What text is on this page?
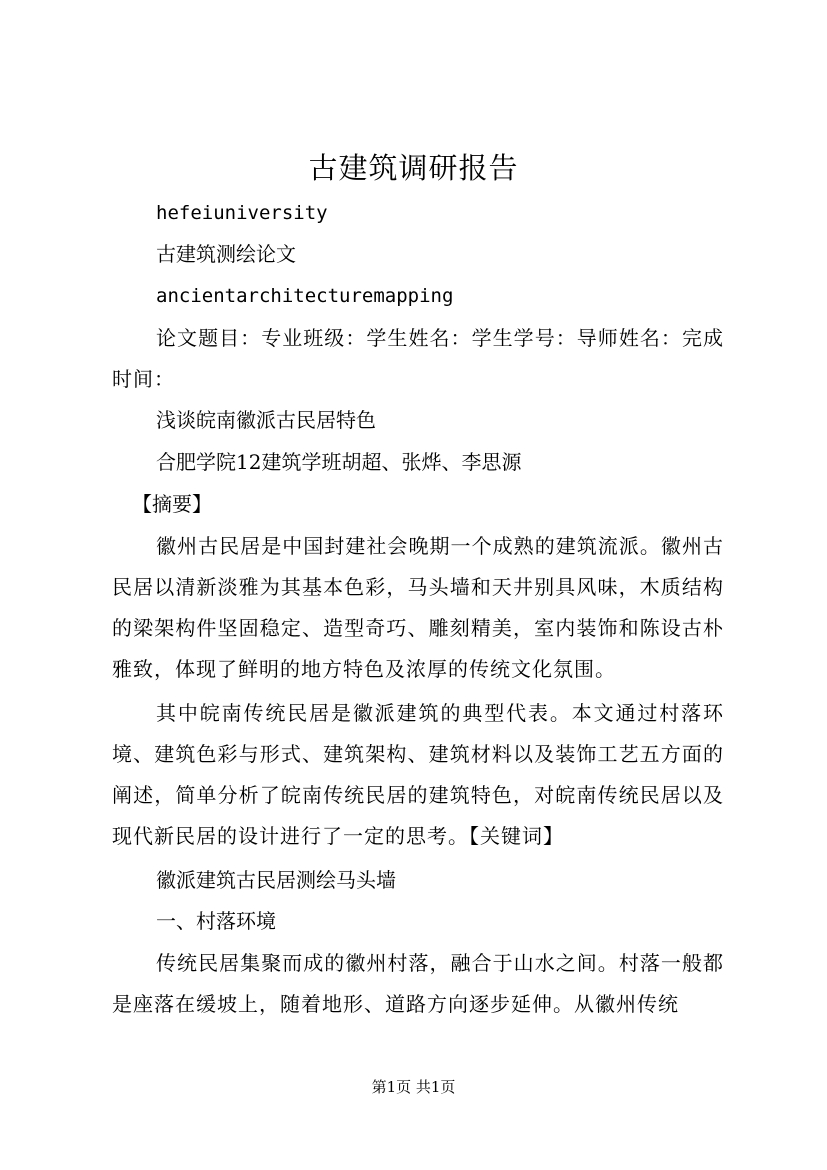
古建筑调研报告
hefeiuniversity
古建筑测绘论文
ancientarchitecturemapping
论文题目：专业班级：学生姓名：学生学号：导师姓名：完成时间：
浅谈皖南徽派古民居特色
合肥学院12建筑学班胡超、张烨、李思源
【摘要】
徽州古民居是中国封建社会晚期一个成熟的建筑流派。徽州古民居以清新淡雅为其基本色彩，马头墙和天井别具风味，木质结构的梁架构件坚固稳定、造型奇巧、雕刻精美，室内装饰和陈设古朴雅致，体现了鲜明的地方特色及浓厚的传统文化氛围。
其中皖南传统民居是徽派建筑的典型代表。本文通过村落环境、建筑色彩与形式、建筑架构、建筑材料以及装饰工艺五方面的阐述，简单分析了皖南传统民居的建筑特色，对皖南传统民居以及现代新民居的设计进行了一定的思考。【关键词】
徽派建筑古民居测绘马头墙
一、村落环境
传统民居集聚而成的徽州村落，融合于山水之间。村落一般都是座落在缓坡上，随着地形、道路方向逐步延伸。从徽州传统
第1页 共1页
